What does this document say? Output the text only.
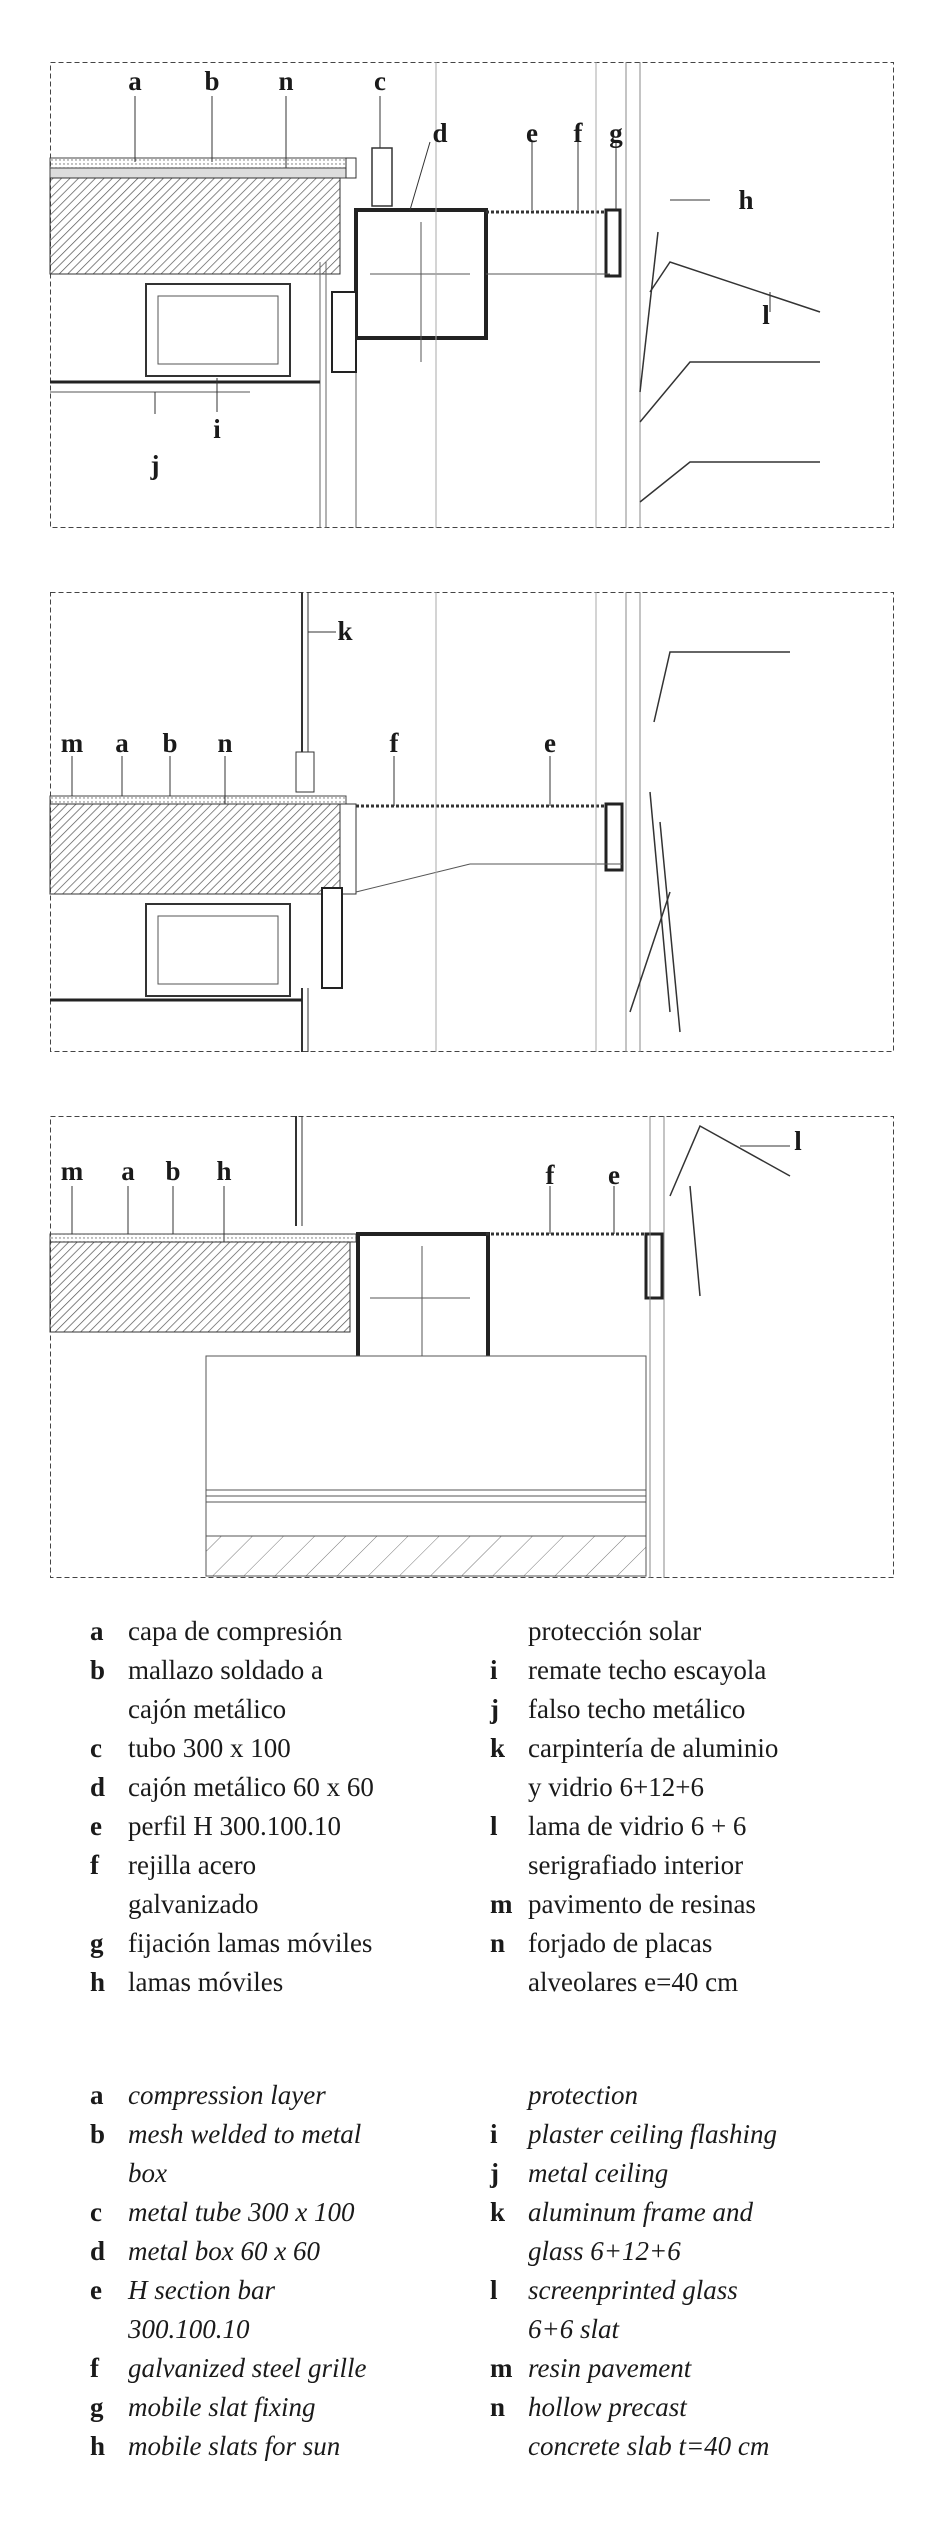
a b n	c
d	e f g
h
l
i
j
k
m a b n	f	e
m a b h	f e
l
a capa de compresión
b mallazo soldado a
cajón metálico
c tubo 300 x 100
d cajón metálico 60 x 60
e perfil H 300.100.10
f rejilla acero
galvanizado
g fijación lamas móviles
h lamas móviles
protección solar
i remate techo escayola
j falso techo metálico
k carpintería de aluminio
y vidrio 6+12+6
l lama de vidrio 6 + 6
serigrafiado interior
m pavimento de resinas
n forjado de placas
alveolares e=40 cm
a compression layer
b mesh welded to metal
box
c metal tube 300 x 100
d metal box 60 x 60
e H section bar
300.100.10
f galvanized steel grille
g mobile slat fixing
h mobile slats for sun
protection
i plaster ceiling flashing
j metal ceiling
k aluminum frame and
glass 6+12+6
l screenprinted glass
6+6 slat
m resin pavement
n hollow precast
concrete slab t=40 cm
